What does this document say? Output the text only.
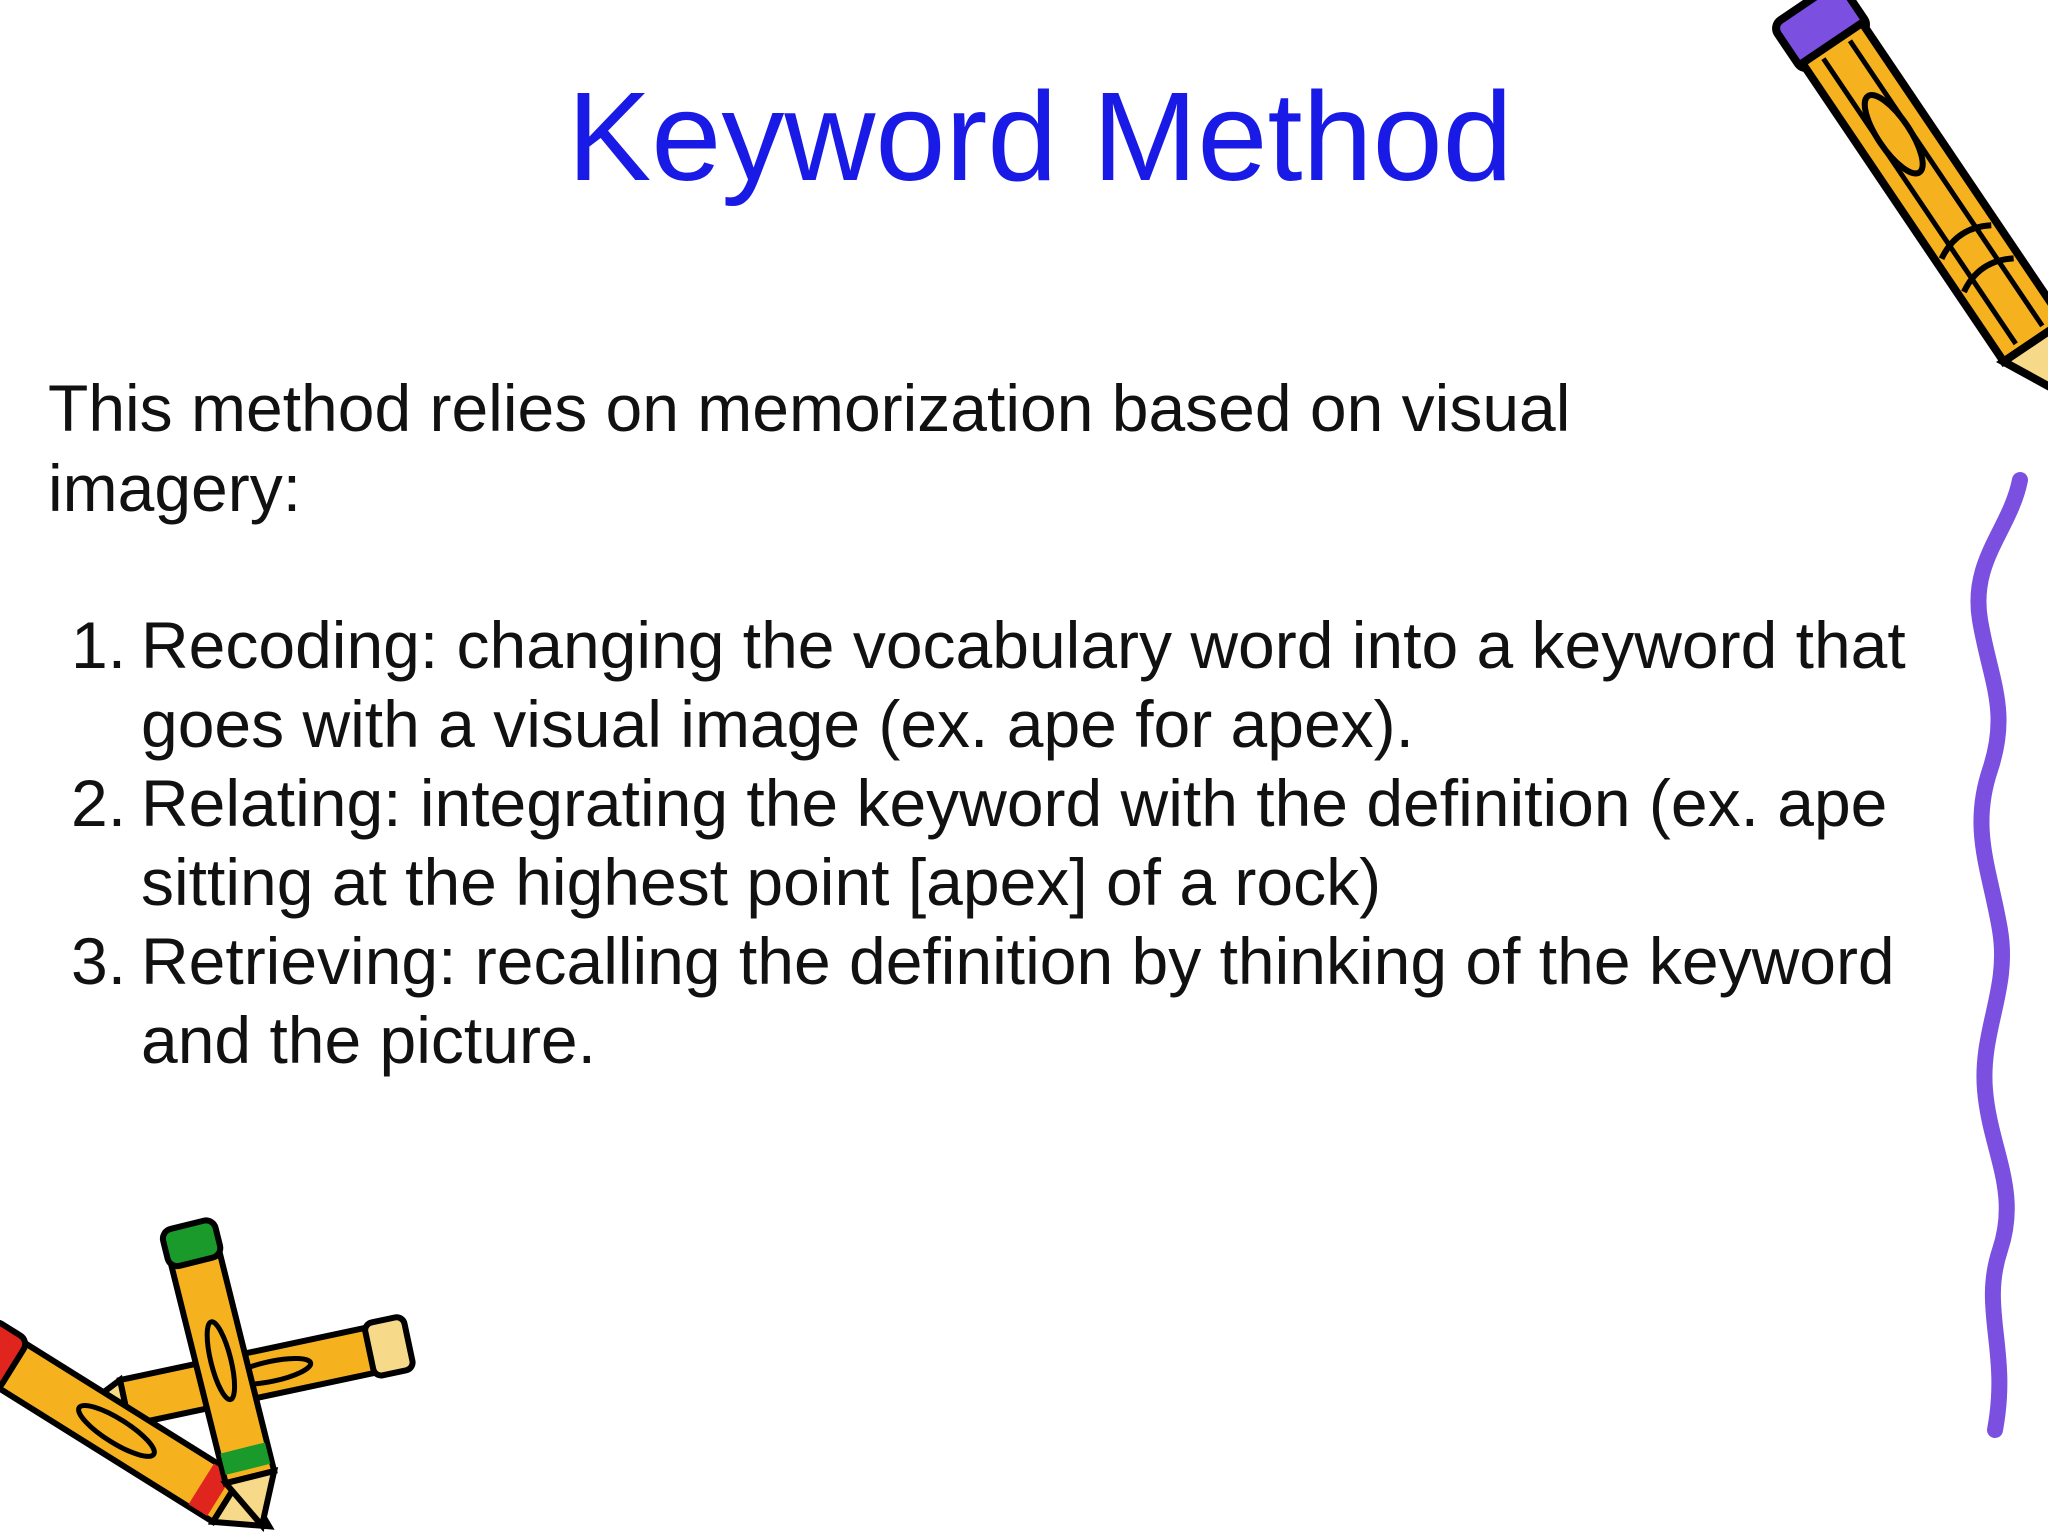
Keyword Method

This method relies on memorization based on visual imagery:

1. Recoding: changing the vocabulary word into a keyword that goes with a visual image (ex. ape for apex).
2. Relating: integrating the keyword with the definition (ex. ape sitting at the highest point [apex] of a rock)
3. Retrieving: recalling the definition by thinking of the keyword and the picture.
